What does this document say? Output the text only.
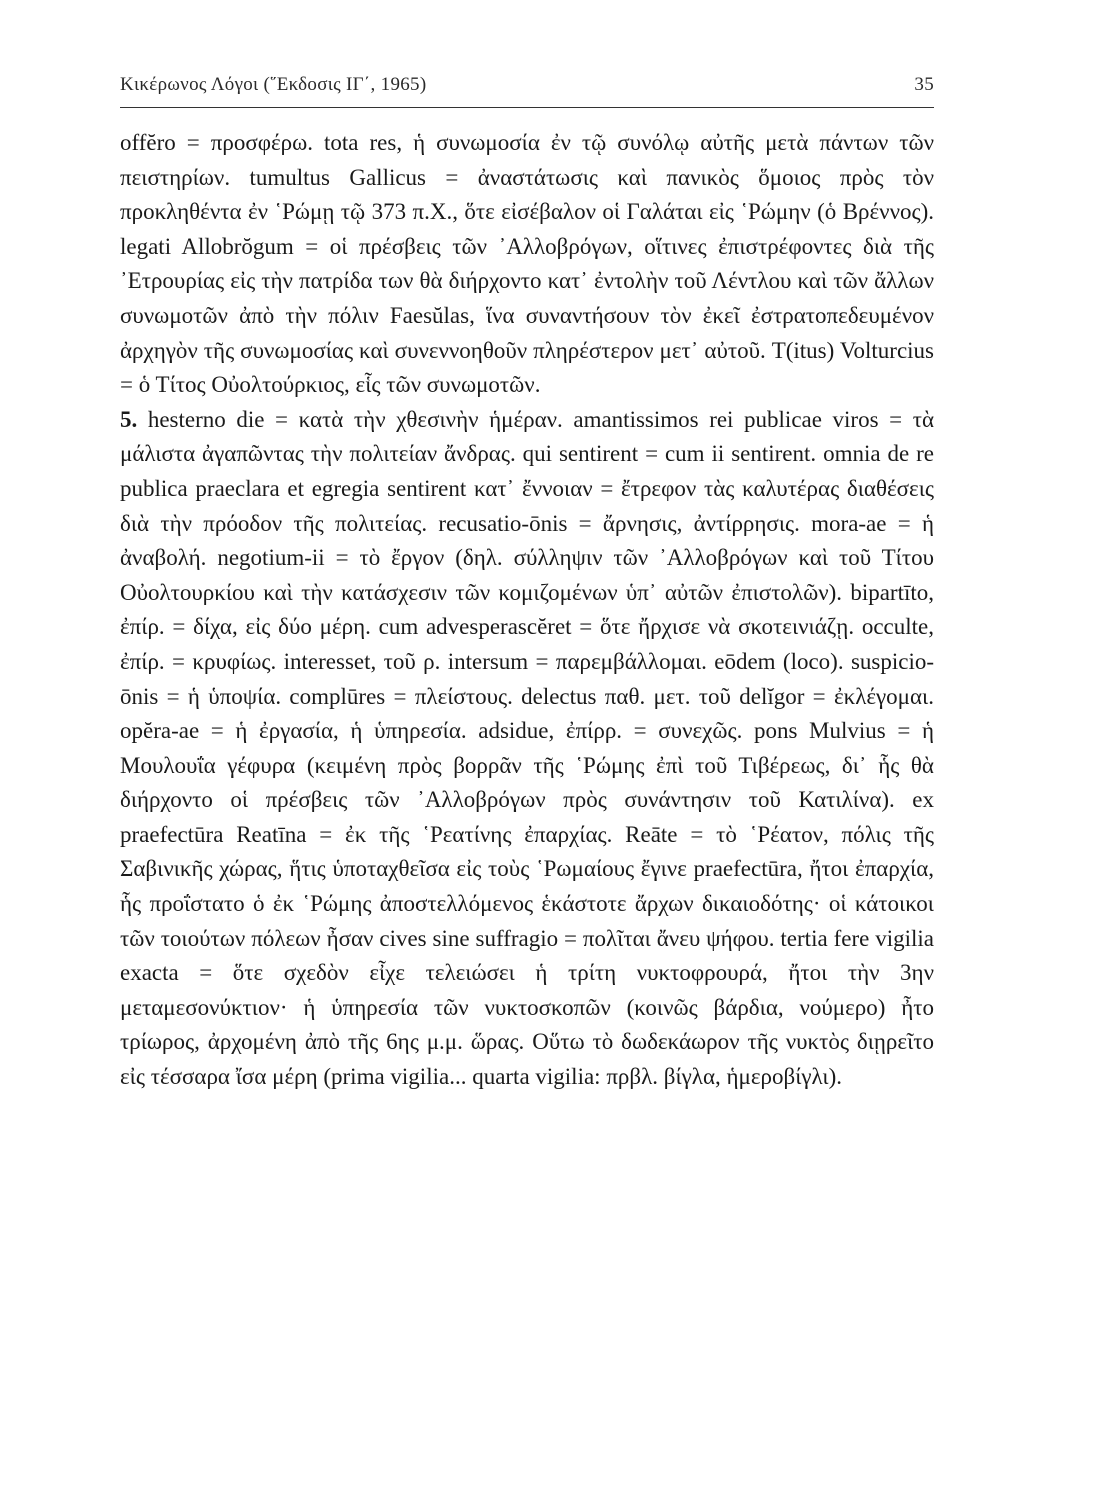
Κικέρωνος Λόγοι (῞Εκδοσις ΙΓ΄, 1965)	35

offĕro = προσφέρω. tota res, ἡ συνωμοσία ἐν τῷ συνόλῳ αὐτῆς μετὰ πάντων τῶν πειστηρίων. tumultus Gallicus = ἀναστάτωσις καὶ πανικὸς ὅμοιος πρὸς τὸν προκληθέντα ἐν ῾Ρώμῃ τῷ 373 π.Χ., ὅτε εἰσέβαλον οἱ Γαλάται εἰς ῾Ρώμην (ὁ Βρέννος). legati Allobrŏgum = οἱ πρέσβεις τῶν ᾿Αλλοβρόγων, οἵτινες ἐπιστρέφοντες διὰ τῆς ᾿Ετρουρίας εἰς τὴν πατρίδα των θὰ διήρχοντο κατ᾿ ἐντολὴν τοῦ Λέντλου καὶ τῶν ἄλλων συνωμοτῶν ἀπὸ τὴν πόλιν Faesŭlas, ἵνα συναντήσουν τὸν ἐκεῖ ἐστρατοπεδευμένον ἀρχηγὸν τῆς συνωμοσίας καὶ συνεννοηθοῦν πληρέστερον μετ᾿ αὐτοῦ. T(itus) Volturcius = ὁ Τίτος Οὐολτούρκιος, εἷς τῶν συνωμοτῶν.

5. hesterno die = κατὰ τὴν χθεσινὴν ἡμέραν. amantissimos rei publicae viros = τὰ μάλιστα ἀγαπῶντας τὴν πολιτείαν ἄνδρας. qui sentirent = cum ii sentirent. omnia de re publica praeclara et egregia sentirent κατ᾿ ἔννοιαν = ἔτρεφον τὰς καλυτέρας διαθέσεις διὰ τὴν πρόοδον τῆς πολιτείας. recusatio-ōnis = ἄρνησις, ἀντίρρησις. mora-ae = ἡ ἀναβολή. negotium-ii = τὸ ἔργον (δηλ. σύλληψιν τῶν ᾿Αλλοβρόγων καὶ τοῦ Τίτου Οὐολτουρκίου καὶ τὴν κατάσχεσιν τῶν κομιζομένων ὑπ᾿ αὐτῶν ἐπιστολῶν). bipartīto, ἐπίρ. = δίχα, εἰς δύο μέρη. cum advesperascĕret = ὅτε ἤρχισε νὰ σκοτεινιάζῃ. occulte, ἐπίρ. = κρυφίως. interesset, τοῦ ρ. intersum = παρεμβάλλομαι. eōdem (loco). suspicio-ōnis = ἡ ὑποψία. complūres = πλείστους. delectus παθ. μετ. τοῦ delĭgor = ἐκλέγομαι. opĕra-ae = ἡ ἐργασία, ἡ ὑπηρεσία. adsidue, ἐπίρρ. = συνεχῶς. pons Mulvius = ἡ Μουλουΐα γέφυρα (κειμένη πρὸς βορρᾶν τῆς ῾Ρώμης ἐπὶ τοῦ Τιβέρεως, δι᾿ ἧς θὰ διήρχοντο οἱ πρέσβεις τῶν ᾿Αλλοβρόγων πρὸς συνάντησιν τοῦ Κατιλίνα). ex praefectūra Reatīna = ἐκ τῆς ῾Ρεατίνης ἐπαρχίας. Reāte = τὸ ῾Ρέατον, πόλις τῆς Σαβινικῆς χώρας, ἥτις ὑποταχθεῖσα εἰς τοὺς ῾Ρωμαίους ἔγινε praefectūra, ἤτοι ἐπαρχία, ἧς προΐστατο ὁ ἐκ ῾Ρώμης ἀποστελλόμενος ἑκάστοτε ἄρχων δικαιοδότης· οἱ κάτοικοι τῶν τοιούτων πόλεων ἦσαν cives sine suffragio = πολῖται ἄνευ ψήφου. tertia fere vigilia exacta = ὅτε σχεδὸν εἶχε τελειώσει ἡ τρίτη νυκτοφρουρά, ἤτοι τὴν 3ην μεταμεσονύκτιον· ἡ ὑπηρεσία τῶν νυκτοσκοπῶν (κοινῶς βάρδια, νούμερο) ἦτο τρίωρος, ἀρχομένη ἀπὸ τῆς 6ης μ.μ. ὥρας. Οὕτω τὸ δωδεκάωρον τῆς νυκτὸς διῃρεῖτο εἰς τέσσαρα ἴσα μέρη (prima vigilia... quarta vigilia: πρβλ. βίγλα, ἡμεροβίγλι).
